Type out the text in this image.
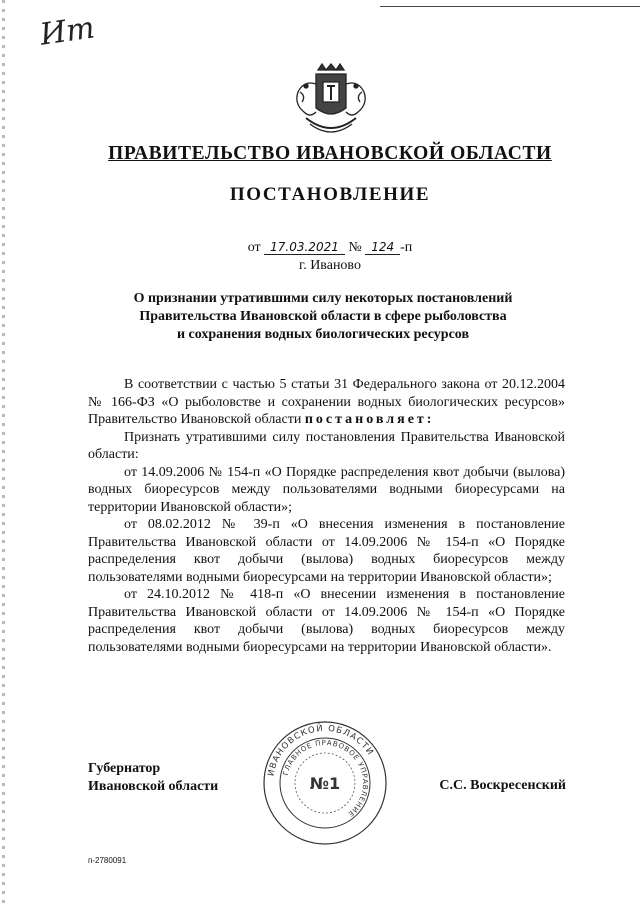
Ит
ПРАВИТЕЛЬСТВО ИВАНОВСКОЙ ОБЛАСТИ
ПОСТАНОВЛЕНИЕ
от 17.03.2021 № 124 -п
г. Иваново
О признании утратившими силу некоторых постановлений
Правительства Ивановской области в сфере рыболовства
и сохранения водных биологических ресурсов

В соответствии с частью 5 статьи 31 Федерального закона от 20.12.2004 № 166-ФЗ «О рыболовстве и сохранении водных биологических ресурсов» Правительство Ивановской области постановляет:

Признать утратившими силу постановления Правительства Ивановской области:

от 14.09.2006 № 154-п «О Порядке распределения квот добычи (вылова) водных биоресурсов между пользователями водными биоресурсами на территории Ивановской области»;

от 08.02.2012 № 39-п «О внесения изменения в постановление Правительства Ивановской области от 14.09.2006 № 154-п «О Порядке распределения квот добычи (вылова) водных биоресурсов между пользователями водными биоресурсами на территории Ивановской области»;

от 24.10.2012 № 418-п «О внесении изменения в постановление Правительства Ивановской области от 14.09.2006 № 154-п «О Порядке распределения квот добычи (вылова) водных биоресурсов между пользователями водными биоресурсами на территории Ивановской области».

Губернатор
Ивановской области
ИВАНОВСКОЙ ОБЛАСТИ
ГЛАВНОЕ ПРАВОВОЕ УПРАВЛЕНИЕ
№1	С.С. Воскресенский
п-2780091
